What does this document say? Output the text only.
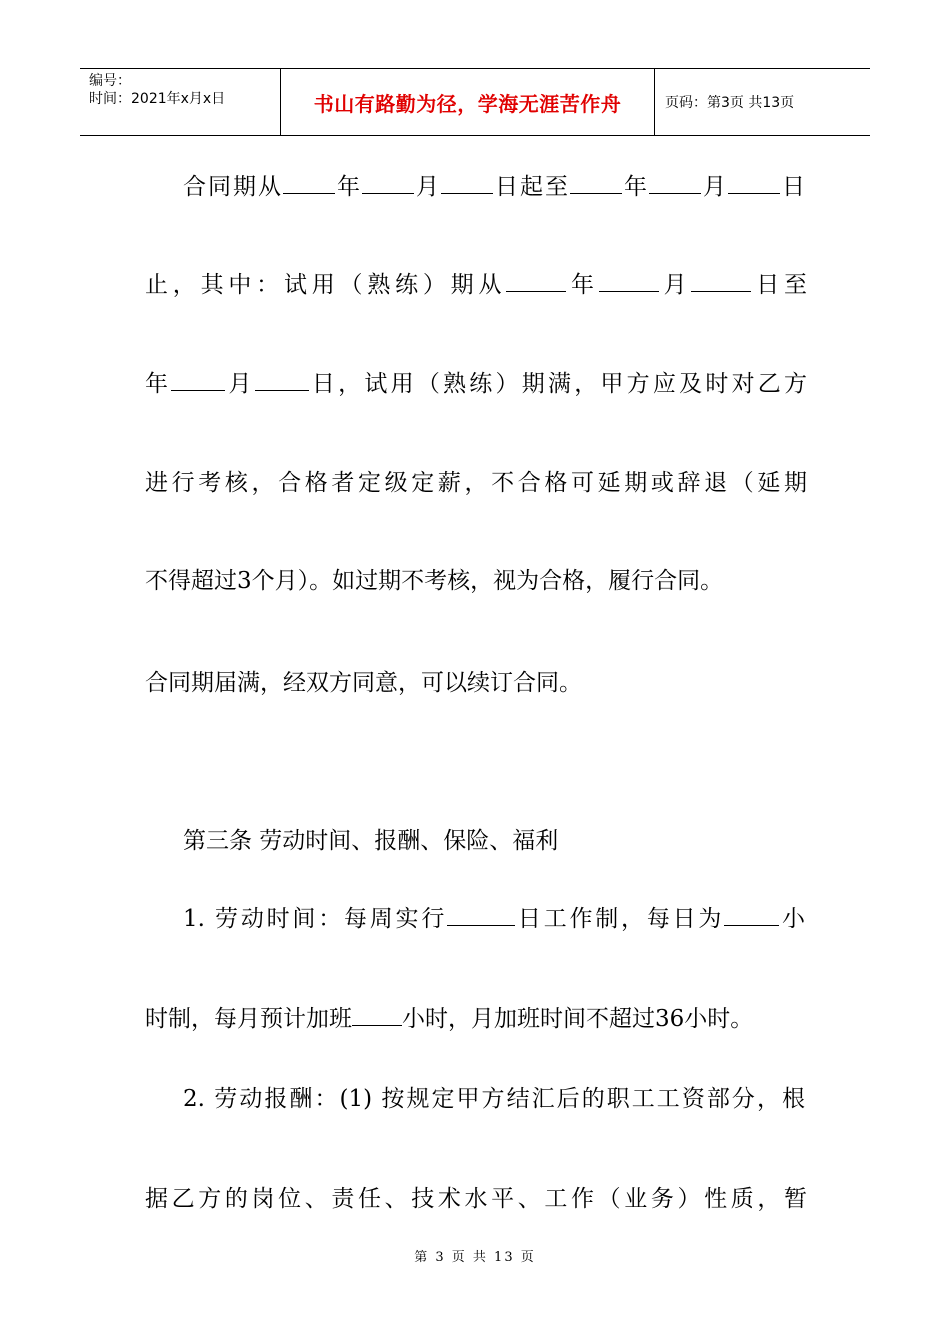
编号：
时间：2021年x月x日	书山有路勤为径，学海无涯苦作舟	页码：第3页 共13页
合同期从 年 月 日起至 年 月 日
止，其中：试用（熟练）期从	年	月	日至
年 月 日，试用（熟练）期满，甲方应及时对乙方
进行考核，合格者定级定薪，不合格可延期或辞退（延期
不得超过3个月）。如过期不考核，视为合格，履行合同。
合同期届满，经双方同意，可以续订合同。
第三条 劳动时间、报酬、保险、福利
1. 劳动时间：每周实行	日工作制，每日为 小
时制，每月预计加班 小时，月加班时间不超过36小时。
2. 劳动报酬：(1) 按规定甲方结汇后的职工工资部分，根
据乙方的岗位、责任、技术水平、工作（业务）性质，暂
第 3 页 共 13 页
